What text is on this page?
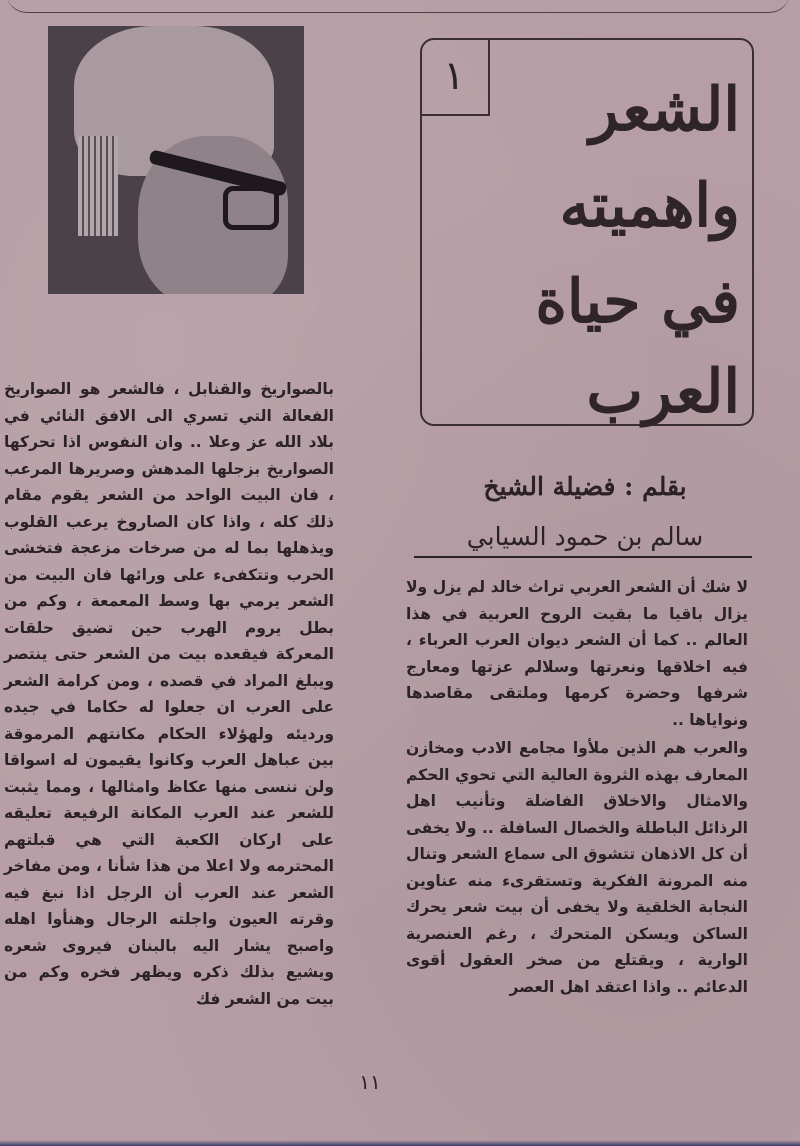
١	الشعر
واهميته
في حياة
العرب
بقلم : فضيلة الشيخ
سالم بن حمود السيابي

لا شك أن الشعر العربي تراث خالد لم يزل ولا يزال باقيا ما بقيت الروح العربية في هذا العالم .. كما أن الشعر ديوان العرب العرباء ، فيه اخلاقها ونعرتها وسلالم عزتها ومعارج شرفها وحضرة كرمها وملتقى مقاصدها ونواياها ..

والعرب هم الذين ملأوا مجامع الادب ومخازن المعارف بهذه الثروة العالية التي تحوي الحكم والامثال والاخلاق الفاضلة وتأنيب اهل الرذائل الباطلة والخصال السافلة .. ولا يخفى أن كل الاذهان تتشوق الى سماع الشعر وتنال منه المرونة الفكرية وتستقرىء منه عناوين النجابة الخلقية ولا يخفى أن بيت شعر يحرك الساكن ويسكن المتحرك ، رغم العنصرية الوارية ، ويقتلع من صخر العقول أقوى الدعائم .. واذا اعتقد اهل العصر

بالصواريخ والقنابل ، فالشعر هو الصواريخ الفعالة التي تسري الى الافق النائي في بلاد الله عز وعلا .. وان النفوس اذا تحركها الصواريخ بزجلها المدهش وصريرها المرعب ، فان البيت الواحد من الشعر يقوم مقام ذلك كله ، واذا كان الصاروخ يرعب القلوب ويذهلها بما له من صرخات مزعجة فتخشى الحرب وتتكفىء على ورائها فان البيت من الشعر يرمي بها وسط المعمعة ، وكم من بطل يروم الهرب حين تضيق حلقات المعركة فيقعده بيت من الشعر حتى ينتصر ويبلغ المراد في قصده ، ومن كرامة الشعر على العرب ان جعلوا له حكاما في جيده ورديئه ولهؤلاء الحكام مكانتهم المرموقة بين عباهل العرب وكانوا يقيمون له اسواقا ولن ننسى منها عكاظ وامثالها ، ومما يثبت للشعر عند العرب المكانة الرفيعة تعليقه على اركان الكعبة التي هي قبلتهم المحترمه ولا اعلا من هذا شأنا ، ومن مفاخر الشعر عند العرب أن الرجل اذا نبغ فيه وقرته العيون واجلته الرجال وهنأوا اهله واصبح يشار اليه بالبنان فيروى شعره ويشيع بذلك ذكره ويظهر فخره وكم من بيت من الشعر فك

١١
